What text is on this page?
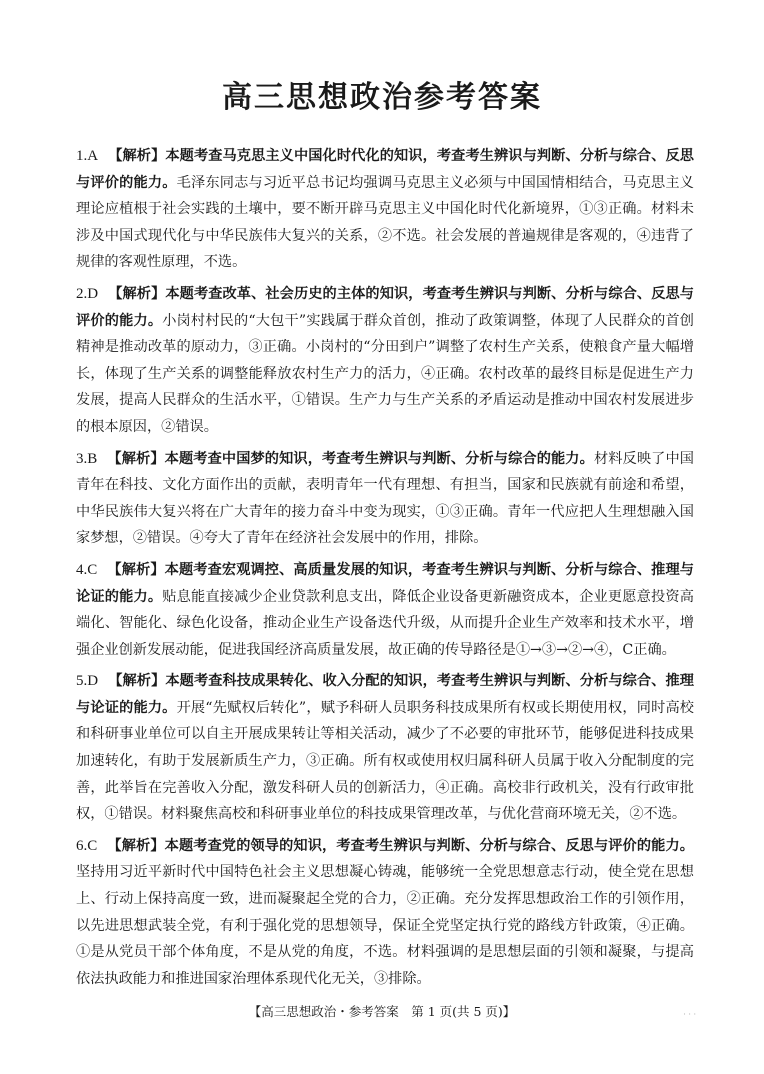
高三思想政治参考答案
1.A 【解析】本题考查马克思主义中国化时代化的知识，考查考生辨识与判断、分析与综合、反思与评价的能力。毛泽东同志与习近平总书记均强调马克思主义必须与中国国情相结合，马克思主义理论应植根于社会实践的土壤中，要不断开辟马克思主义中国化时代化新境界，①③正确。材料未涉及中国式现代化与中华民族伟大复兴的关系，②不选。社会发展的普遍规律是客观的，④违背了规律的客观性原理，不选。
2.D 【解析】本题考查改革、社会历史的主体的知识，考查考生辨识与判断、分析与综合、反思与评价的能力。小岗村村民的“大包干”实践属于群众首创，推动了政策调整，体现了人民群众的首创精神是推动改革的原动力，③正确。小岗村的“分田到户”调整了农村生产关系，使粮食产量大幅增长，体现了生产关系的调整能释放农村生产力的活力，④正确。农村改革的最终目标是促进生产力发展，提高人民群众的生活水平，①错误。生产力与生产关系的矛盾运动是推动中国农村发展进步的根本原因，②错误。
3.B 【解析】本题考查中国梦的知识，考查考生辨识与判断、分析与综合的能力。材料反映了中国青年在科技、文化方面作出的贡献，表明青年一代有理想、有担当，国家和民族就有前途和希望，中华民族伟大复兴将在广大青年的接力奋斗中变为现实，①③正确。青年一代应把人生理想融入国家梦想，②错误。④夸大了青年在经济社会发展中的作用，排除。
4.C 【解析】本题考查宏观调控、高质量发展的知识，考查考生辨识与判断、分析与综合、推理与论证的能力。贴息能直接减少企业贷款利息支出，降低企业设备更新融资成本，企业更愿意投资高端化、智能化、绿色化设备，推动企业生产设备迭代升级，从而提升企业生产效率和技术水平，增强企业创新发展动能，促进我国经济高质量发展，故正确的传导路径是①→③→②→④，C正确。
5.D 【解析】本题考查科技成果转化、收入分配的知识，考查考生辨识与判断、分析与综合、推理与论证的能力。开展“先赋权后转化”，赋予科研人员职务科技成果所有权或长期使用权，同时高校和科研事业单位可以自主开展成果转让等相关活动，减少了不必要的审批环节，能够促进科技成果加速转化，有助于发展新质生产力，③正确。所有权或使用权归属科研人员属于收入分配制度的完善，此举旨在完善收入分配，激发科研人员的创新活力，④正确。高校非行政机关，没有行政审批权，①错误。材料聚焦高校和科研事业单位的科技成果管理改革，与优化营商环境无关，②不选。
6.C 【解析】本题考查党的领导的知识，考查考生辨识与判断、分析与综合、反思与评价的能力。坚持用习近平新时代中国特色社会主义思想凝心铸魂，能够统一全党思想意志行动，使全党在思想上、行动上保持高度一致，进而凝聚起全党的合力，②正确。充分发挥思想政治工作的引领作用，以先进思想武装全党，有利于强化党的思想领导，保证全党坚定执行党的路线方针政策，④正确。①是从党员干部个体角度，不是从党的角度，不选。材料强调的是思想层面的引领和凝聚，与提高依法执政能力和推进国家治理体系现代化无关，③排除。
【高三思想政治・参考答案　第 1 页(共 5 页)】	· · ·
